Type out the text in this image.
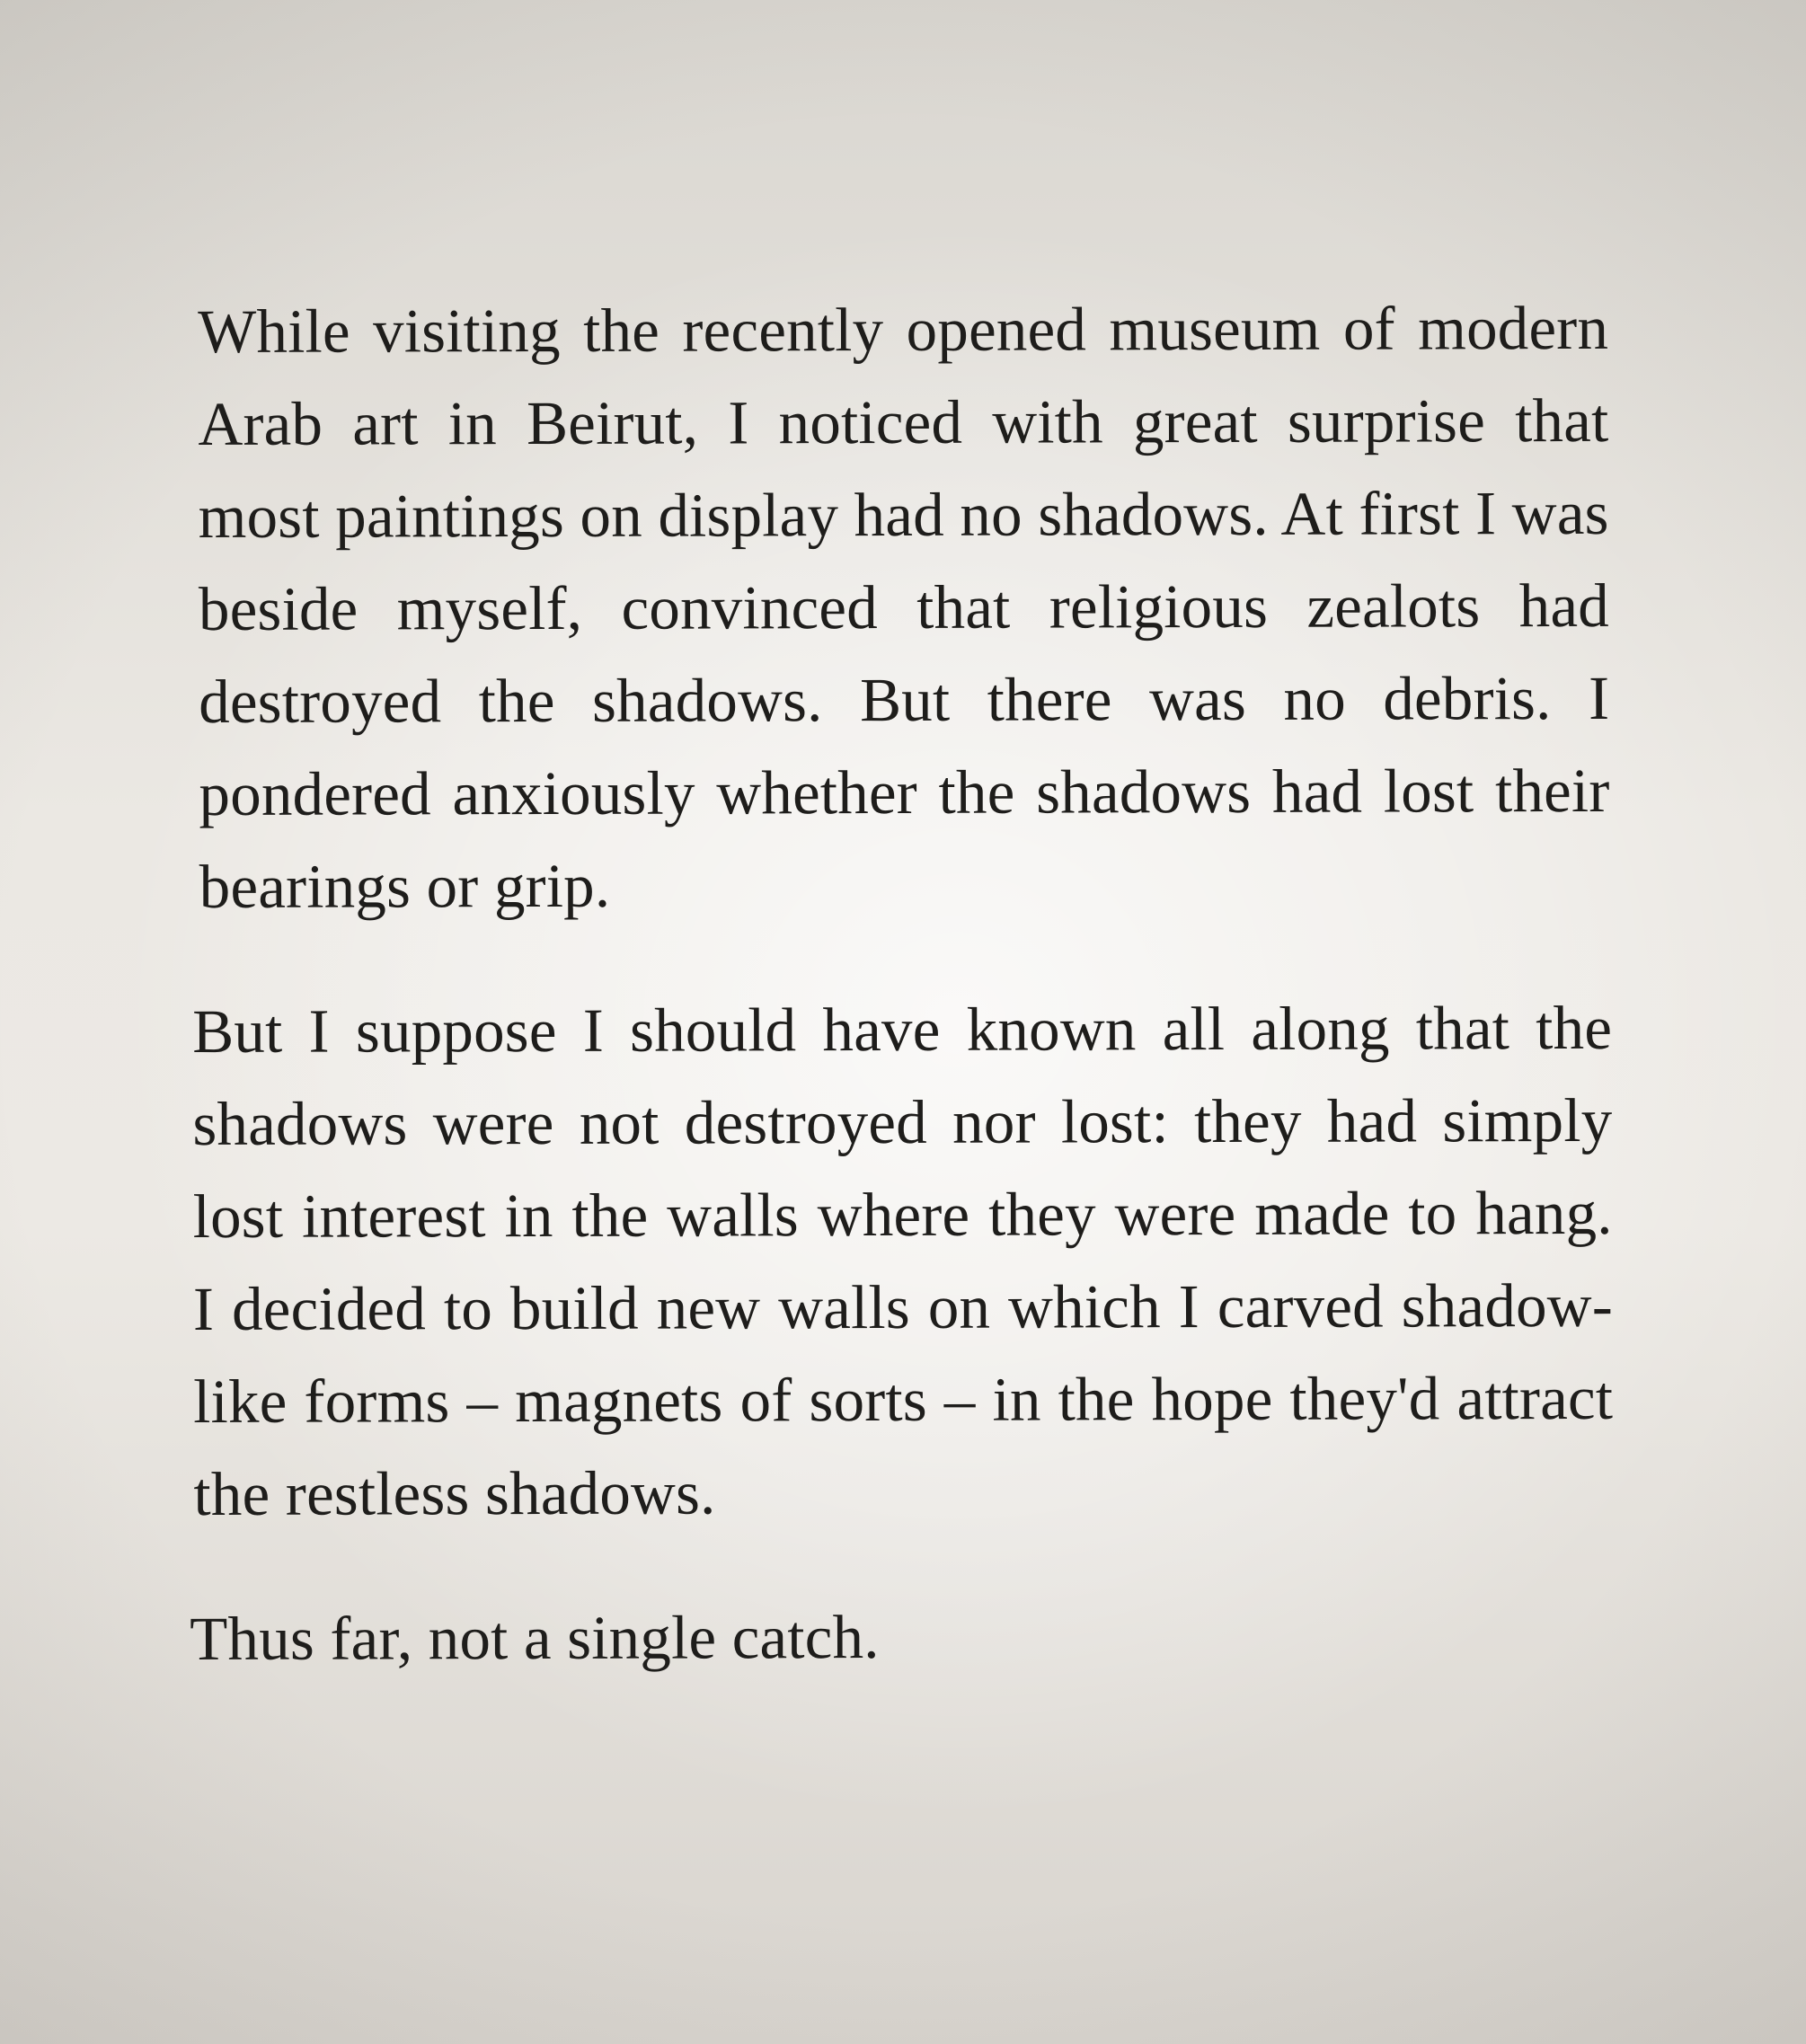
While visiting the recently opened museum of modern Arab art in Beirut, I noticed with great surprise that most paintings on display had no shadows. At first I was beside myself, convinced that religious zealots had destroyed the shadows. But there was no debris. I pondered anxiously whether the shadows had lost their bearings or grip.

But I suppose I should have known all along that the shadows were not destroyed nor lost: they had simply lost interest in the walls where they were made to hang. I decided to build new walls on which I carved shadow-like forms – magnets of sorts – in the hope they'd attract the restless shadows.

Thus far, not a single catch.
